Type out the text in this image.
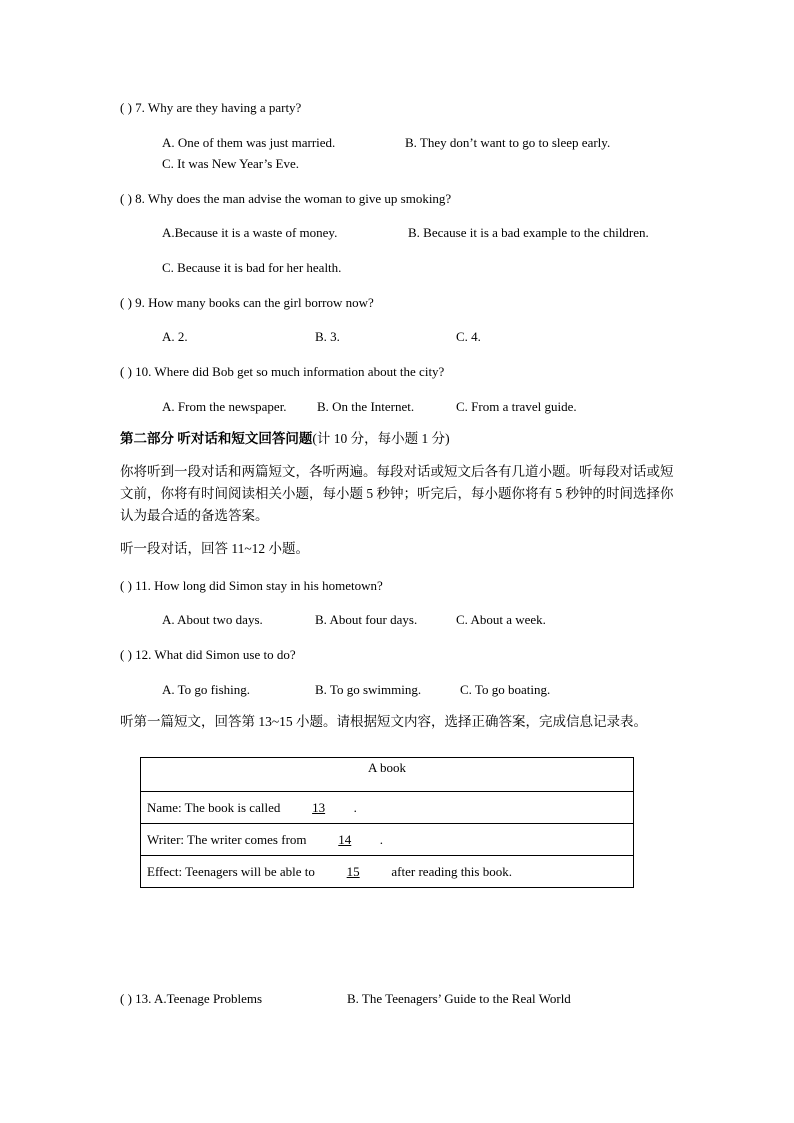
( ) 7. Why are they having a party?
A. One of them was just married.	B. They don’t want to go to sleep early.
C. It was New Year’s Eve.
( ) 8. Why does the man advise the woman to give up smoking?
A.Because it is a waste of money.	B. Because it is a bad example to the children.
C. Because it is bad for her health.
( ) 9. How many books can the girl borrow now?
A. 2.	B. 3.	C. 4.
( ) 10. Where did Bob get so much information about the city?
A. From the newspaper. B. On the Internet.	C. From a travel guide.
第二部分 听对话和短文回答问题(计 10 分，每小题 1 分)
你将听到一段对话和两篇短文，各听两遍。每段对话或短文后各有几道小题。听每段对话或短文前，你将有时间阅读相关小题，每小题 5 秒钟；听完后，每小题你将有 5 秒钟的时间选择你认为最合适的备选答案。
听一段对话，回答 11~12 小题。
( ) 11. How long did Simon stay in his hometown?
A. About two days.	B. About four days.	C. About a week.
( ) 12. What did Simon use to do?
A. To go fishing.	B. To go swimming.	C. To go boating.
听第一篇短文，回答第 13~15 小题。请根据短文内容，选择正确答案，完成信息记录表。
A book
Name: The book is called 13 .
Writer: The writer comes from 14 .
Effect: Teenagers will be able to 15 after reading this book.
( ) 13. A.Teenage Problems	B. The Teenagers’ Guide to the Real World
